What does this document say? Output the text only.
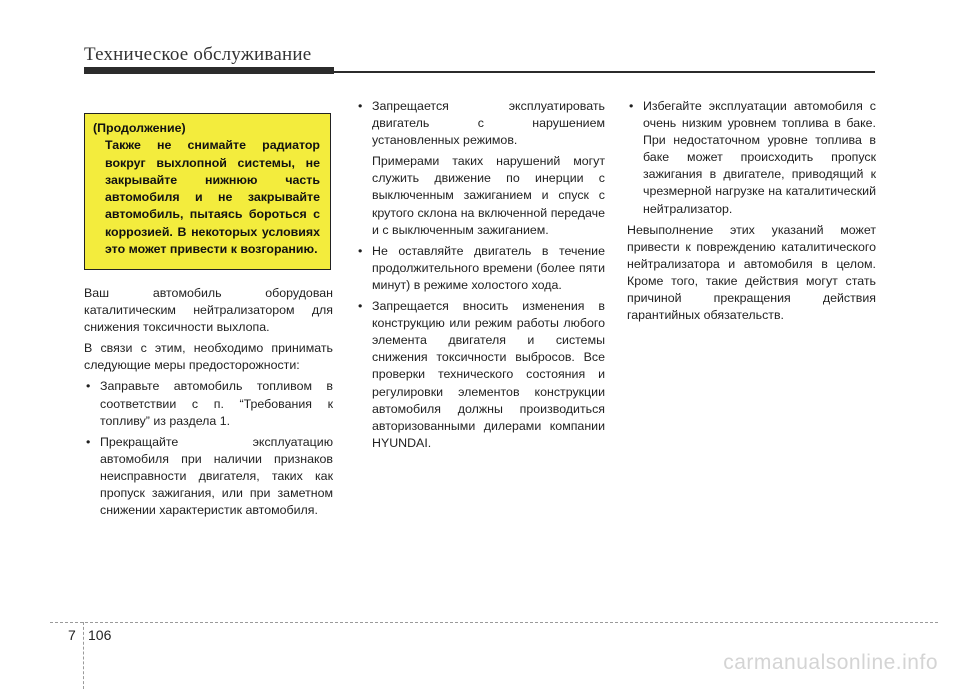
Техническое обслуживание
(Продолжение)
Также не снимайте радиатор вокруг выхлопной системы, не закрывайте нижнюю часть автомобиля и не закрывайте автомобиль, пытаясь бороться с коррозией. В некоторых условиях это может привести к возгоранию.

Ваш автомобиль оборудован каталитическим нейтрализатором для снижения токсичности выхлопа.

В связи с этим, необходимо принимать следующие меры предосторожности:

• Заправьте автомобиль топливом в соответствии с п. “Требования к топливу” из раздела 1.
• Прекращайте эксплуатацию автомобиля при наличии признаков неисправности двигателя, таких как пропуск зажигания, или при заметном снижении характеристик автомобиля.
• Запрещается эксплуатировать двигатель с нарушением установленных режимов.

Примерами таких нарушений могут служить движение по инерции с выключенным зажиганием и спуск с крутого склона на включенной передаче и с выключенным зажиганием.

• Не оставляйте двигатель в течение продолжительного времени (более пяти минут) в режиме холостого хода.
• Запрещается вносить изменения в конструкцию или режим работы любого элемента двигателя и системы снижения токсичности выбросов. Все проверки технического состояния и регулировки элементов конструкции автомобиля должны производиться авторизованными дилерами компании HYUNDAI.
• Избегайте эксплуатации автомобиля с очень низким уровнем топлива в баке. При недостаточном уровне топлива в баке может происходить пропуск зажигания в двигателе, приводящий к чрезмерной нагрузке на каталитический нейтрализатор.

Невыполнение этих указаний может привести к повреждению каталитического нейтрализатора и автомобиля в целом. Кроме того, такие действия могут стать причиной прекращения действия гарантийных обязательств.

7 106
carmanualsonline.info
